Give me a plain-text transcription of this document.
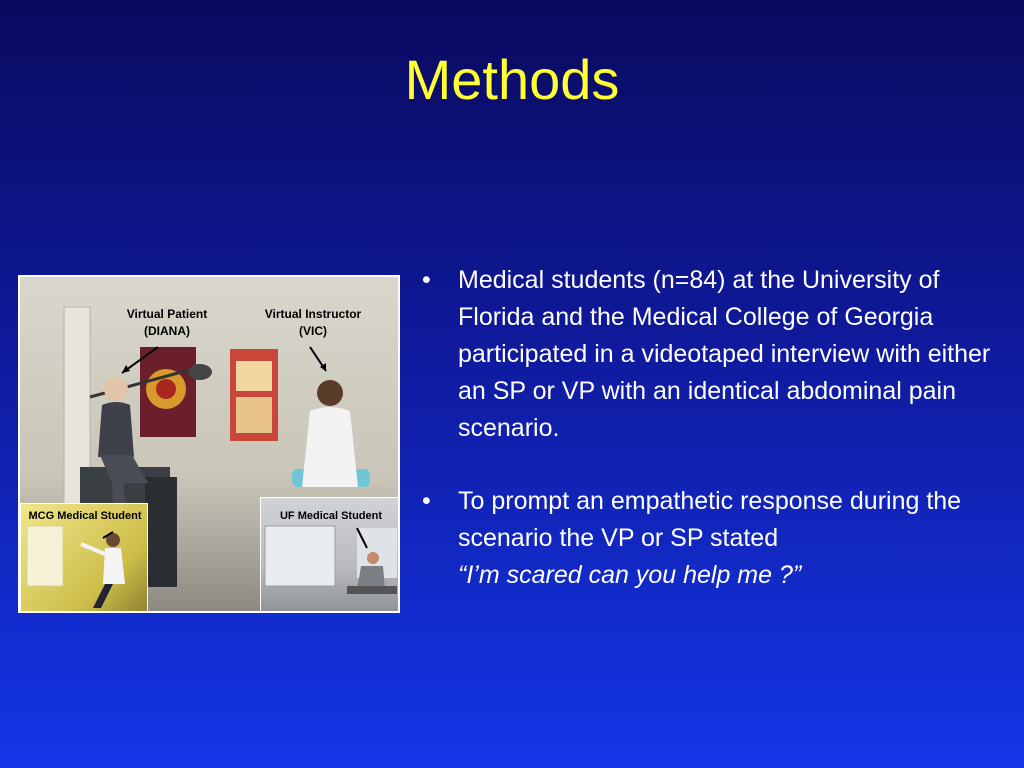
Methods
Virtual Patient
(DIANA)
Virtual Instructor
(VIC)
MCG Medical Student	UF Medical Student
• Medical students (n=84) at the University of Florida and the Medical College of Georgia participated in a videotaped interview with either an SP or VP with an identical abdominal pain scenario.
• To prompt an empathetic response during the scenario the VP or SP stated
“I’m scared can you help me ?”
